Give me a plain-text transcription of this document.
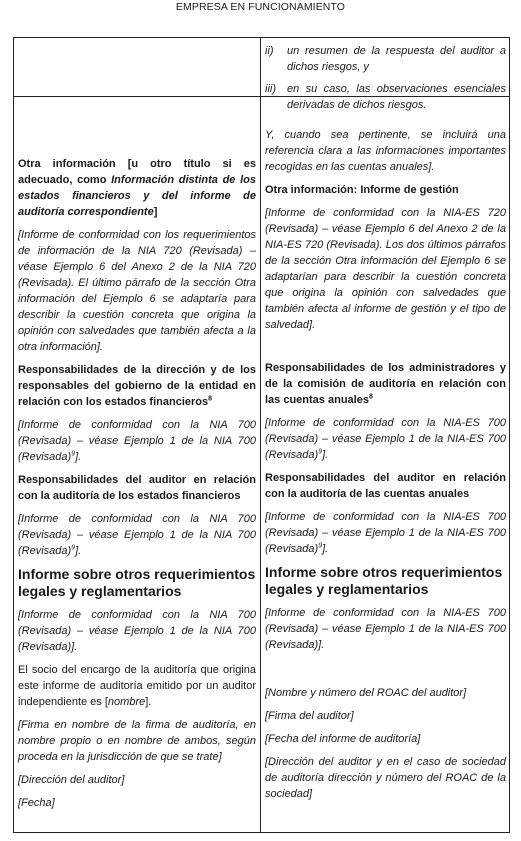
EMPRESA EN FUNCIONAMIENTO

Otra información [u otro título si es adecuado, como Información distinta de los estados financieros y del informe de auditoría correspondiente]

[Informe de conformidad con los requerimientos de información de la NIA 720 (Revisada) – véase Ejemplo 6 del Anexo 2 de la NIA 720 (Revisada). El último párrafo de la sección Otra información del Ejemplo 6 se adaptaría para describir la cuestión concreta que origina la opinión con salvedades que también afecta a la otra información].

Responsabilidades de la dirección y de los responsables del gobierno de la entidad en relación con los estados financieros$^8$

[Informe de conformidad con la NIA 700 (Revisada) – véase Ejemplo 1 de la NIA 700 (Revisada)$^9$].

Responsabilidades del auditor en relación con la auditoría de los estados financieros

[Informe de conformidad con la NIA 700 (Revisada) – véase Ejemplo 1 de la NIA 700 (Revisada)$^9$].

Informe sobre otros requerimientos legales y reglamentarios

[Informe de conformidad con la NIA 700 (Revisada) – véase Ejemplo 1 de la NIA 700 (Revisada)].

El socio del encargo de la auditoría que origina este informe de auditoría emitido por un auditor independiente es [nombre].

[Firma en nombre de la firma de auditoría, en nombre propio o en nombre de ambos, según proceda en la jurisdicción de que se trate]

[Dirección del auditor]

[Fecha]

ii)	un resumen de la respuesta del auditor a dichos riesgos, y
iii)	en su caso, las observaciones esenciales derivadas de dichos riesgos.

Y, cuando sea pertinente, se incluirá una referencia clara a las informaciones importantes recogidas en las cuentas anuales].

Otra información: Informe de gestión

[Informe de conformidad con la NIA-ES 720 (Revisada) – véase Ejemplo 6 del Anexo 2 de la NIA-ES 720 (Revisada). Los dos últimos párrafos de la sección Otra información del Ejemplo 6 se adaptarían para describir la cuestión concreta que origina la opinión con salvedades que también afecta al informe de gestión y el tipo de salvedad].

Responsabilidades de los administradores y de la comisión de auditoría en relación con las cuentas anuales$^8$

[Informe de conformidad con la NIA-ES 700 (Revisada) – véase Ejemplo 1 de la NIA-ES 700 (Revisada)$^9$].

Responsabilidades del auditor en relación con la auditoría de las cuentas anuales

[Informe de conformidad con la NIA-ES 700 (Revisada) – véase Ejemplo 1 de la NIA-ES 700 (Revisada)$^9$].

Informe sobre otros requerimientos legales y reglamentarios

[Informe de conformidad con la NIA-ES 700 (Revisada) – véase Ejemplo 1 de la NIA-ES 700 (Revisada)].

[Nombre y número del ROAC del auditor]

[Firma del auditor]

[Fecha del informe de auditoría]

[Dirección del auditor y en el caso de sociedad de auditoría dirección y número del ROAC de la sociedad]
